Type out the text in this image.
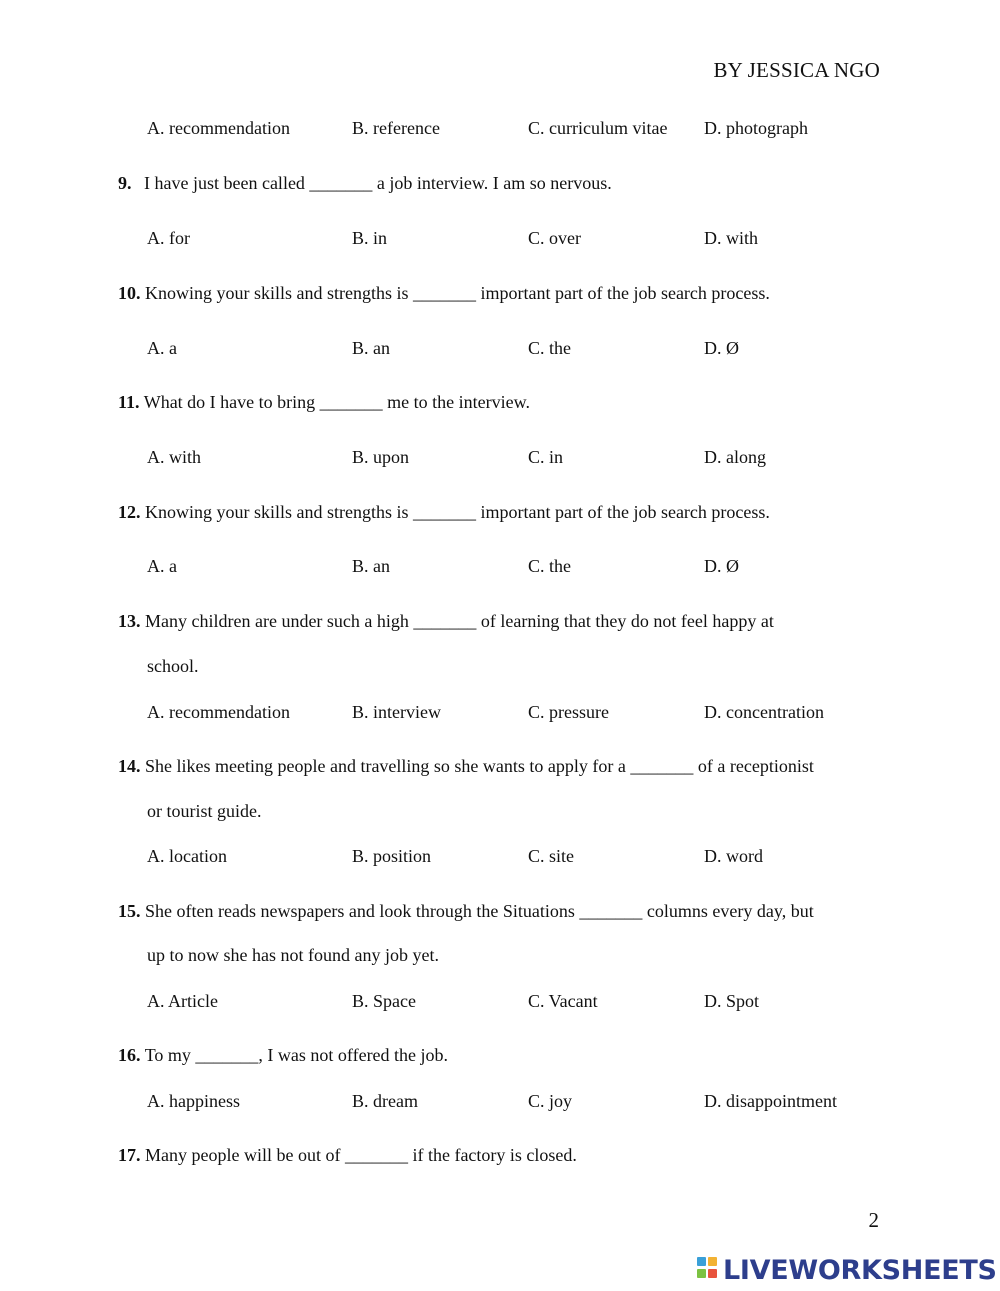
BY JESSICA NGO
A. recommendation	B. reference	C. curriculum vitae D. photograph
9. I have just been called _______ a job interview. I am so nervous.
A. for	B. in	C. over	D. with
10. Knowing your skills and strengths is _______ important part of the job search process.
A. a	B. an	C. the	D. Ø
11. What do I have to bring _______ me to the interview.
A. with	B. upon	C. in	D. along
12. Knowing your skills and strengths is _______ important part of the job search process.
A. a	B. an	C. the	D. Ø
13. Many children are under such a high _______ of learning that they do not feel happy at
school.
A. recommendation	B. interview	C. pressure	D. concentration
14. She likes meeting people and travelling so she wants to apply for a _______ of a receptionist
or tourist guide.
A. location	B. position	C. site	D. word
15. She often reads newspapers and look through the Situations _______ columns every day, but
up to now she has not found any job yet.
A. Article	B. Space	C. Vacant	D. Spot
16. To my _______, I was not offered the job.
A. happiness	B. dream	C. joy	D. disappointment
17. Many people will be out of _______ if the factory is closed.
2
LIVEWORKSHEETS
